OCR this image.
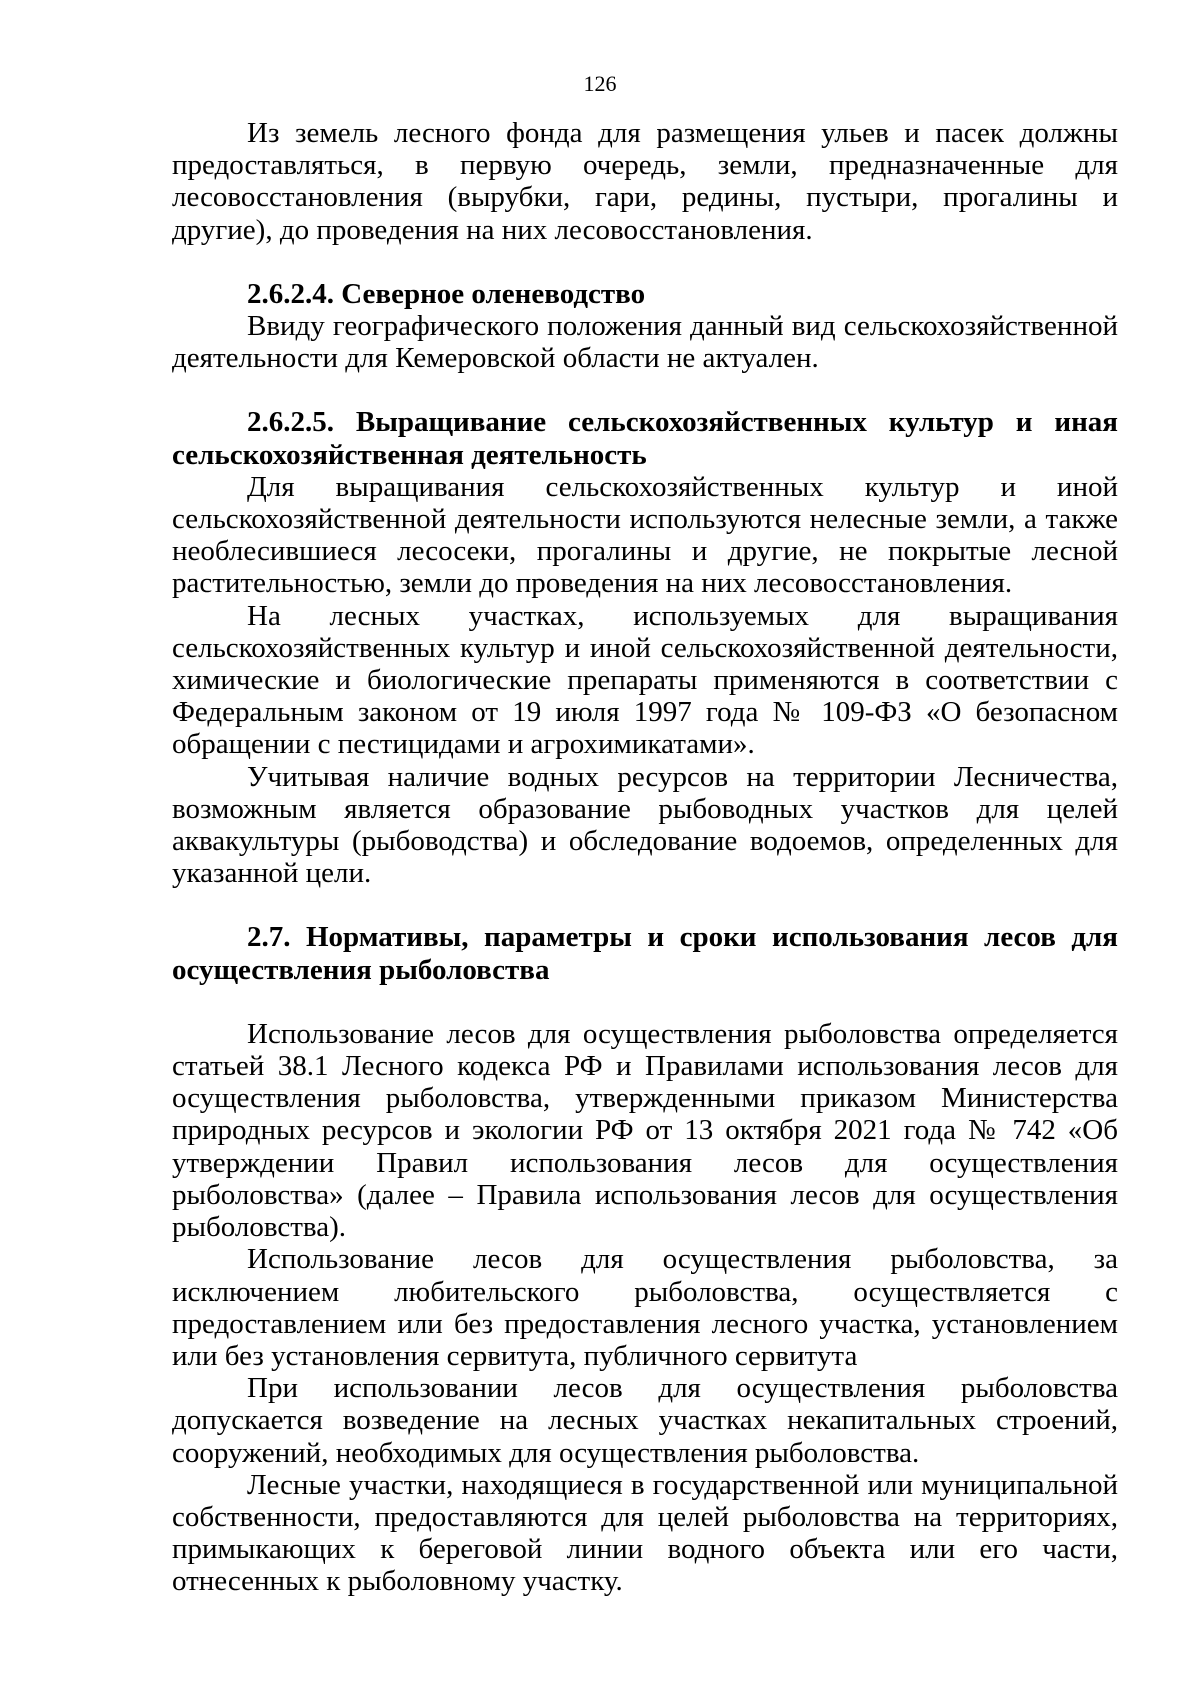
126

Из земель лесного фонда для размещения ульев и пасек должны предоставляться, в первую очередь, земли, предназначенные для лесовосстановления (вырубки, гари, редины, пустыри, прогалины и другие), до проведения на них лесовосстановления.

2.6.2.4. Северное оленеводство

Ввиду географического положения данный вид сельскохозяйственной деятельности для Кемеровской области не актуален.

2.6.2.5. Выращивание сельскохозяйственных культур и иная сельскохозяйственная деятельность

Для выращивания сельскохозяйственных культур и иной сельскохозяйственной деятельности используются нелесные земли, а также необлесившиеся лесосеки, прогалины и другие, не покрытые лесной растительностью, земли до проведения на них лесовосстановления.

На лесных участках, используемых для выращивания сельскохозяйственных культур и иной сельскохозяйственной деятельности, химические и биологические препараты применяются в соответствии с Федеральным законом от 19 июля 1997 года № 109-ФЗ «О безопасном обращении с пестицидами и агрохимикатами».

Учитывая наличие водных ресурсов на территории Лесничества, возможным является образование рыбоводных участков для целей аквакультуры (рыбоводства) и обследование водоемов, определенных для указанной цели.

2.7. Нормативы, параметры и сроки использования лесов для осуществления рыболовства

Использование лесов для осуществления рыболовства определяется статьей 38.1 Лесного кодекса РФ и Правилами использования лесов для осуществления рыболовства, утвержденными приказом Министерства природных ресурсов и экологии РФ от 13 октября 2021 года № 742 «Об утверждении Правил использования лесов для осуществления рыболовства» (далее – Правила использования лесов для осуществления рыболовства).

Использование лесов для осуществления рыболовства, за исключением любительского рыболовства, осуществляется с предоставлением или без предоставления лесного участка, установлением или без установления сервитута, публичного сервитута

При использовании лесов для осуществления рыболовства допускается возведение на лесных участках некапитальных строений, сооружений, необходимых для осуществления рыболовства.

Лесные участки, находящиеся в государственной или муниципальной собственности, предоставляются для целей рыболовства на территориях, примыкающих к береговой линии водного объекта или его части, отнесенных к рыболовному участку.
